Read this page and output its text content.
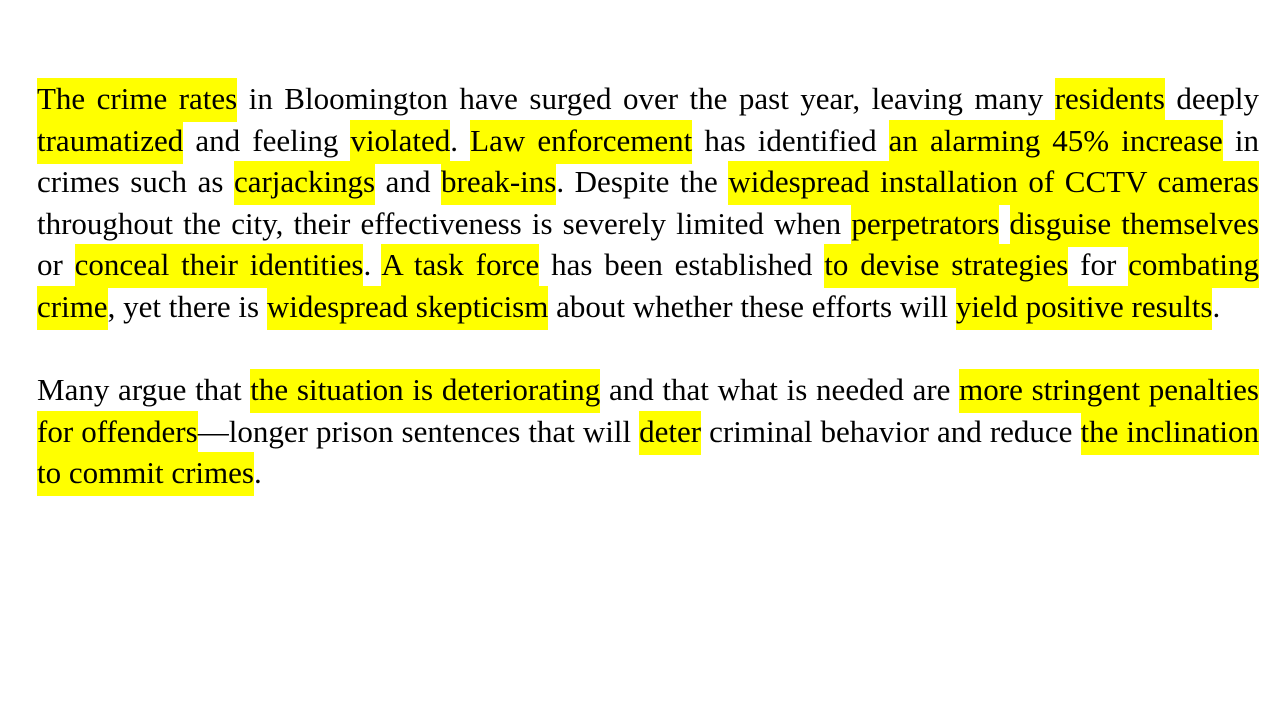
The crime rates in Bloomington have surged over the past year, leaving many residents deeply traumatized and feeling violated. Law enforcement has identified an alarming 45% increase in crimes such as carjackings and break-ins. Despite the widespread installation of CCTV cameras throughout the city, their effectiveness is severely limited when perpetrators disguise themselves or conceal their identities. A task force has been established to devise strategies for combating crime, yet there is widespread skepticism about whether these efforts will yield positive results.

Many argue that the situation is deteriorating and that what is needed are more stringent penalties for offenders—longer prison sentences that will deter criminal behavior and reduce the inclination to commit crimes.
